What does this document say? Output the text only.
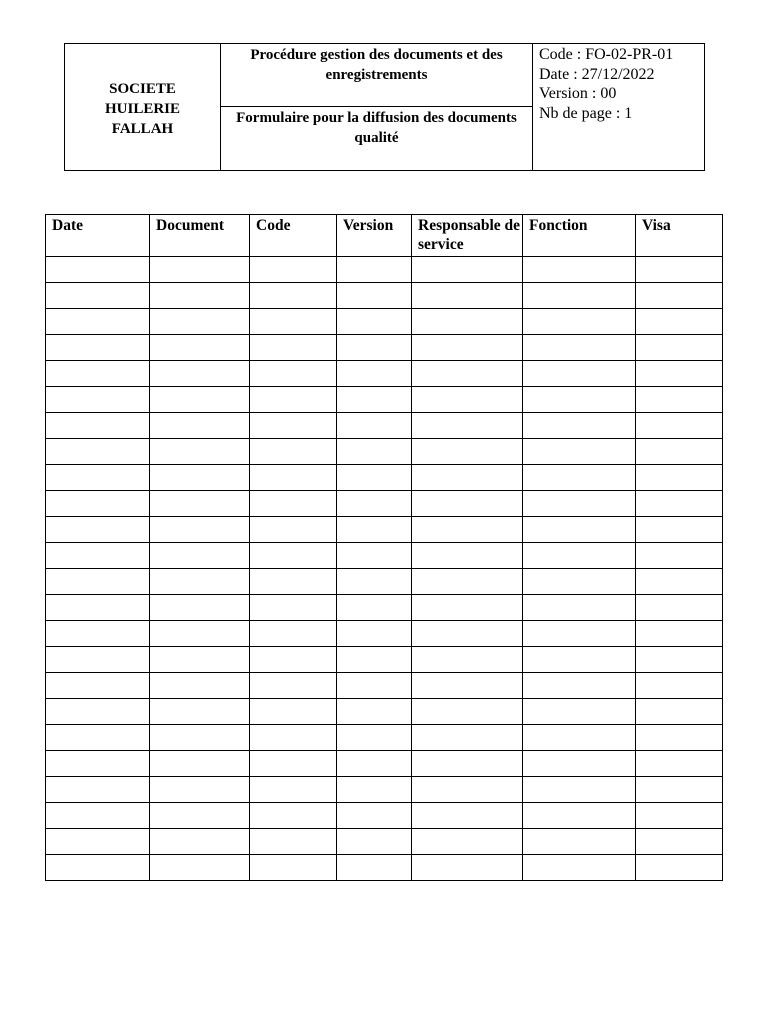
SOCIETE
HUILERIE
FALLAH

Procédure gestion des documents et des enregistrements
Formulaire pour la diffusion des documents qualité

Code : FO-02-PR-01
Date : 27/12/2022
Version : 00
Nb de page : 1
Date	Document	Code	Version	Responsable de service	Fonction	Visa
